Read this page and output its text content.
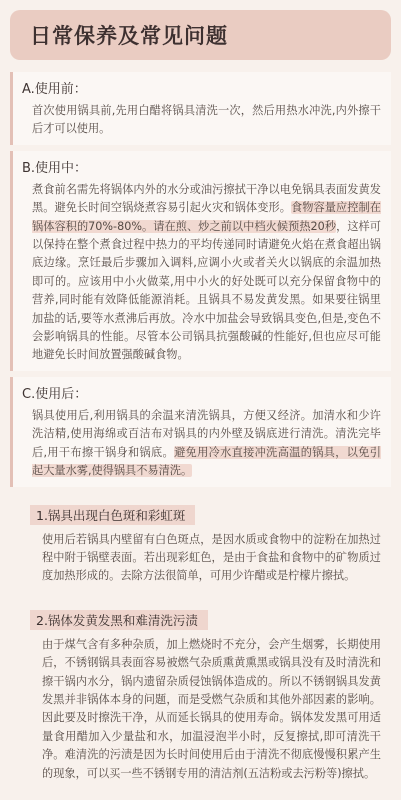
日常保养及常见问题
A.使用前：

首次使用锅具前,先用白醋将锅具清洗一次，然后用热水冲洗,内外擦干后才可以使用。

B.使用中：

煮食前名需先将锅体内外的水分或油污擦拭干净以电免锅具表面发黄发黑。避免长时间空锅烧煮容易引起火灾和锅体变形。食物容量应控制在锅体容积的70%-80%。请在煎、炒之前以中档火候预热20秒，这样可以保持在整个煮食过程中热力的平均传递同时请避免火焰在煮食超出锅底边缘。烹饪最后步骤加入调料,应调小火或者关火以锅底的余温加热即可的。应该用中小火做菜,用中小火的好处既可以充分保留食物中的营养,同时能有效降低能源消耗。且锅具不易发黄发黑。如果要往锅里加盐的话,要等水煮沸后再放。冷水中加盐会导致锅具变色,但是,变色不会影响锅具的性能。尽管本公司锅具抗强酸碱的性能好,但也应尽可能地避免长时间放置强酸碱食物。

C.使用后：

锅具使用后,利用锅具的余温来清洗锅具，方便又经济。加清水和少许洗洁精,使用海绵或百洁布对锅具的内外壁及锅底进行清洗。清洗完毕后,用干布擦干锅身和锅底。避免用冷水直接冲洗高温的锅具，以免引起大量水雾,使得锅具不易清洗。

1.锅具出现白色斑和彩虹斑

使用后若锅具内壁留有白色斑点，是因水质或食物中的淀粉在加热过程中附于锅壁表面。若出现彩虹色，是由于食盐和食物中的矿物质过度加热形成的。去除方法很简单，可用少许醋或是柠檬片擦拭。

2.锅体发黄发黑和难清洗污渍

由于煤气含有多种杂质，加上燃烧时不充分，会产生烟雾，长期使用后，不锈钢锅具表面容易被燃气杂质熏黄熏黑或锅具没有及时清洗和擦干锅内水分，锅内遗留杂质侵蚀锅体造成的。所以不锈钢锅具发黄发黑并非锅体本身的问题，而是受燃气杂质和其他外部因素的影响。因此要及时擦洗干净，从而延长锅具的使用寿命。锅体发发黑可用适量食用醋加入少量盐和水，加温浸泡半小时，反复擦拭,即可清洗干净。难清洗的污渍是因为长时间使用后由于清洗不彻底慢慢积累产生的现象，可以买一些不锈钢专用的清洁剂(五洁粉或去污粉等)擦拭。
